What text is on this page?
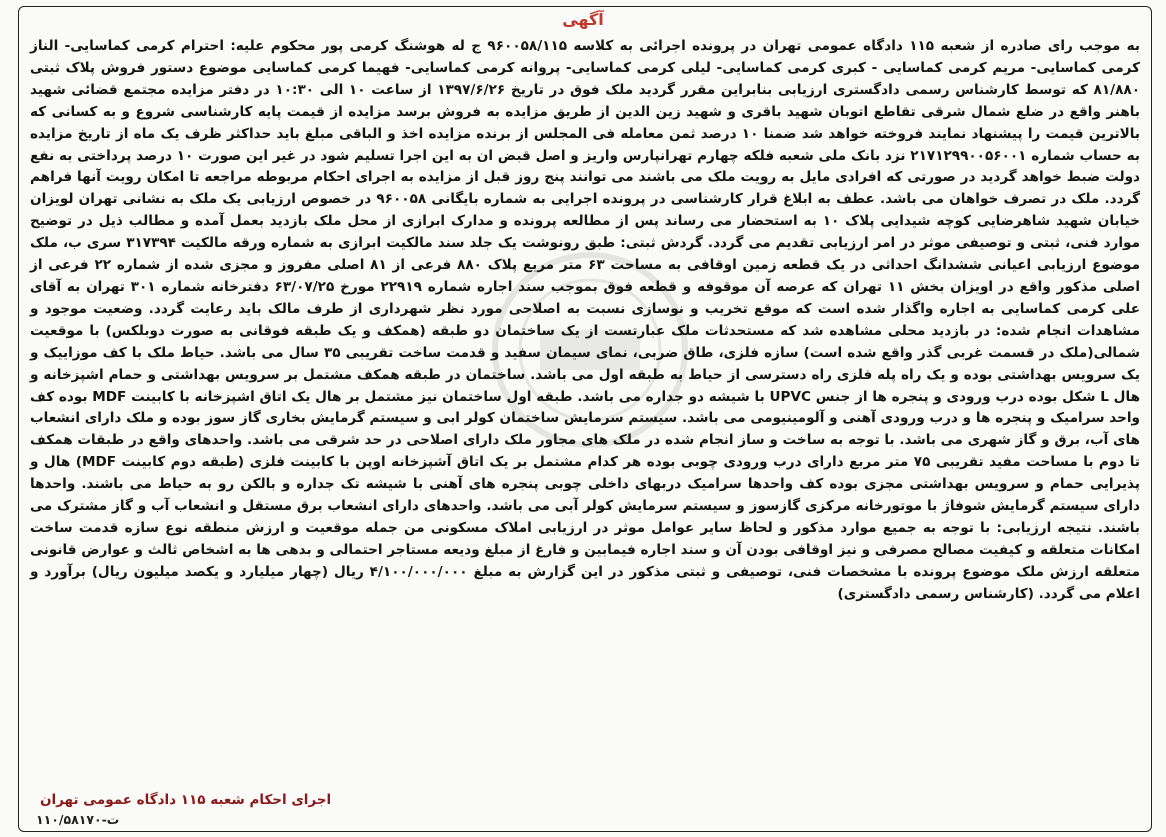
آگهی
به موجب رای صادره از شعبه ۱۱۵ دادگاه عمومی تهران در پرونده اجرائی به کلاسه ۹۶۰۰۵۸/۱۱۵ ج له هوشنگ کرمی پور محکوم علیه: احترام کرمی کماسایی- الناز کرمی کماسایی- مریم کرمی کماسایی - کبری کرمی کماسایی- لیلی کرمی کماسایی- پروانه کرمی کماسایی- فهیما کرمی کماسایی موضوع دستور فروش پلاک ثبتی ۸۱/۸۸۰ که توسط کارشناس رسمی دادگستری ارزیابی بنابراین مقرر گردید ملک فوق در تاریخ ۱۳۹۷/۶/۲۶ از ساعت ۱۰ الی ۱۰:۳۰ در دفتر مزایده مجتمع قضائی شهید باهنر واقع در ضلع شمال شرقی تقاطع اتوبان شهید باقری و شهید زین الدین از طریق مزایده به فروش برسد مزایده از قیمت پایه کارشناسی شروع و به کسانی که بالاترین قیمت را پیشنهاد نمایند فروخته خواهد شد ضمنا ۱۰ درصد ثمن معامله فی المجلس از برنده مزایده اخذ و الباقی مبلغ باید حداکثر ظرف یک ماه از تاریخ مزایده به حساب شماره ۲۱۷۱۲۹۹۰۰۵۶۰۰۱ نزد بانک ملی شعبه فلکه چهارم تهرانپارس واریز و اصل قبض ان به این اجرا تسلیم شود در غیر این صورت ۱۰ درصد پرداختی به نفع دولت ضبط خواهد گردید در صورتی که افرادی مایل به رویت ملک می باشند می توانند پنج روز قبل از مزایده به اجرای احکام مربوطه مراجعه تا امکان رویت آنها فراهم گردد. ملک در تصرف خواهان می باشد. عطف به ابلاغ قرار کارشناسی در پرونده اجرایی به شماره بایگانی ۹۶۰۰۵۸ در خصوص ارزیابی یک ملک به نشانی تهران لویزان خیابان شهید شاهرضایی کوچه شیدایی پلاک ۱۰ به استحضار می رساند پس از مطالعه پرونده و مدارک ابرازی از محل ملک بازدید بعمل آمده و مطالب ذیل در توضیح موارد فنی، ثبتی و توصیفی موثر در امر ارزیابی تقدیم می گردد. گردش ثبتی: طبق رونوشت یک جلد سند مالکیت ابرازی به شماره ورقه مالکیت ۳۱۷۳۹۴ سری ب، ملک موضوع ارزیابی اعیانی ششدانگ احداثی در یک قطعه زمین اوقافی به مساحت ۶۳ متر مربع پلاک ۸۸۰ فرعی از ۸۱ اصلی مفروز و مجزی شده از شماره ۲۲ فرعی از اصلی مذکور واقع در اویزان بخش ۱۱ تهران که عرصه آن موقوفه و قطعه فوق بموجب سند اجاره شماره ۲۲۹۱۹ مورخ ۶۳/۰۷/۲۵ دفترخانه شماره ۳۰۱ تهران به آقای علی کرمی کماسایی به اجاره واگذار شده است که موقع تخریب و نوسازی نسبت به اصلاحی مورد نظر شهرداری از طرف مالک باید رعایت گردد. وضعیت موجود و مشاهدات انجام شده: در بازدید محلی مشاهده شد که مستحدثات ملک عبارتست از یک ساختمان دو طبقه (همکف و یک طبقه فوقانی به صورت دوبلکس) با موقعیت شمالی(ملک در قسمت غربی گذر واقع شده است) سازه فلزی، طاق ضربی، نمای سیمان سفید و قدمت ساخت تقریبی ۳۵ سال می باشد. حیاط ملک با کف موزاییک و یک سرویس بهداشتی بوده و یک راه پله فلزی راه دسترسی از حیاط به طبقه اول می باشد. ساختمان در طبقه همکف مشتمل بر سرویس بهداشتی و حمام اشپزخانه و هال L شکل بوده درب ورودی و پنجره ها از جنس UPVC با شیشه دو جداره می باشد. طبقه اول ساختمان نیز مشتمل بر هال یک اتاق اشپزخانه با کابینت MDF بوده کف واحد سرامیک و پنجره ها و درب ورودی آهنی و آلومینیومی می باشد. سیستم سرمایش ساختمان کولر ابی و سیستم گرمایش بخاری گاز سوز بوده و ملک دارای انشعاب های آب، برق و گاز شهری می باشد. با توجه به ساخت و ساز انجام شده در ملک های مجاور ملک دارای اصلاحی در حد شرقی می باشد. واحدهای واقع در طبقات همکف تا دوم با مساحت مفید تقریبی ۷۵ متر مربع دارای درب ورودی چوبی بوده هر کدام مشتمل بر یک اتاق آشپزخانه اوپن با کابینت فلزی (طبقه دوم کابینت MDF) هال و پذیرایی حمام و سرویس بهداشتی مجزی بوده کف واحدها سرامیک دربهای داخلی چوبی پنجره های آهنی با شیشه تک جداره و بالکن رو به حیاط می باشند. واحدها دارای سیستم گرمایش شوفاژ با موتورخانه مرکزی گازسوز و سیستم سرمایش کولر آبی می باشد. واحدهای دارای انشعاب برق مستقل و انشعاب آب و گاز مشترک می باشند. نتیجه ارزیابی: با توجه به جمیع موارد مذکور و لحاظ سایر عوامل موثر در ارزیابی املاک مسکونی من جمله موقعیت و ارزش منطقه نوع سازه قدمت ساخت امکانات متعلقه و کیفیت مصالح مصرفی و نیز اوقافی بودن آن و سند اجاره فیمابین و فارغ از مبلغ ودیعه مستاجر احتمالی و بدهی ها به اشخاص ثالث و عوارض قانونی متعلقه ارزش ملک موضوع پرونده با مشخصات فنی، توصیفی و ثبتی مذکور در این گزارش به مبلغ ۴/۱۰۰/۰۰۰/۰۰۰ ریال (چهار میلیارد و یکصد میلیون ریال) برآورد و اعلام می گردد. (کارشناس رسمی دادگستری)
اجرای احکام شعبه ۱۱۵ دادگاه عمومی تهران
۱۱۰/۵۸۱۷۰-ت
